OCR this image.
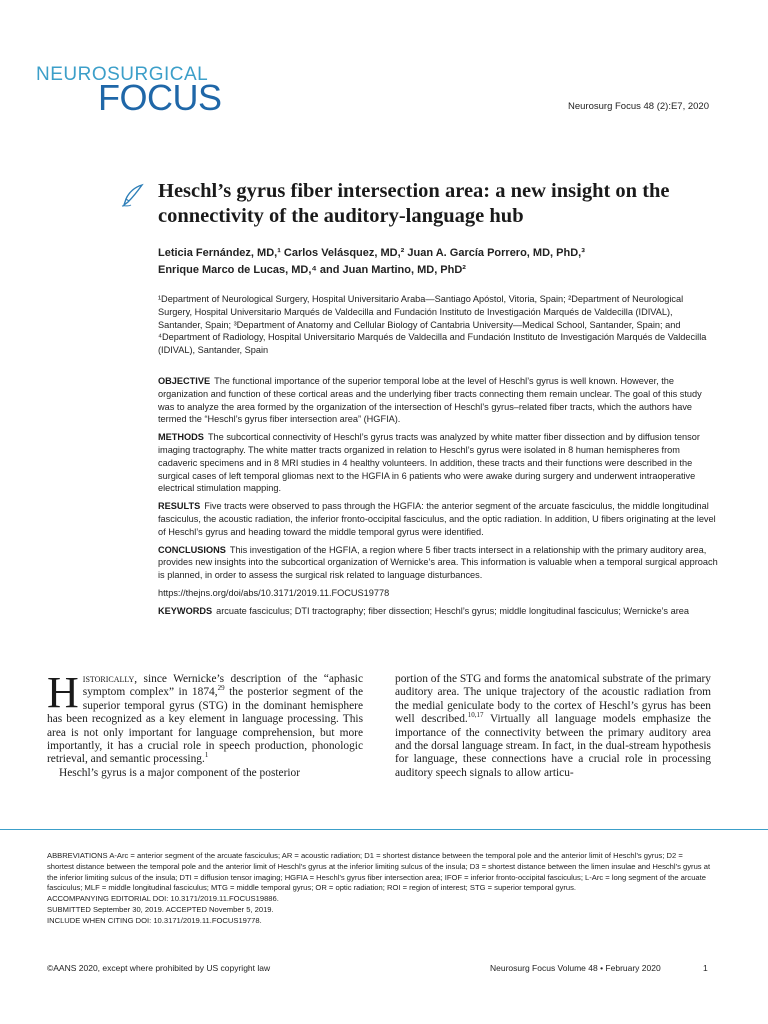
NEUROSURGICAL
FOCUS	Neurosurg Focus 48 (2):E7, 2020
Heschl’s gyrus fiber intersection area: a new insight on the connectivity of the auditory-language hub
Leticia Fernández, MD,¹ Carlos Velásquez, MD,² Juan A. García Porrero, MD, PhD,³
Enrique Marco de Lucas, MD,⁴ and Juan Martino, MD, PhD²
¹Department of Neurological Surgery, Hospital Universitario Araba—Santiago Apóstol, Vitoria, Spain; ²Department of Neurological Surgery, Hospital Universitario Marqués de Valdecilla and Fundación Instituto de Investigación Marqués de Valdecilla (IDIVAL), Santander, Spain; ³Department of Anatomy and Cellular Biology of Cantabria University—Medical School, Santander, Spain; and ⁴Department of Radiology, Hospital Universitario Marqués de Valdecilla and Fundación Instituto de Investigación Marqués de Valdecilla (IDIVAL), Santander, Spain

OBJECTIVE The functional importance of the superior temporal lobe at the level of Heschl’s gyrus is well known. However, the organization and function of these cortical areas and the underlying fiber tracts connecting them remain unclear. The goal of this study was to analyze the area formed by the organization of the intersection of Heschl’s gyrus–related fiber tracts, which the authors have termed the “Heschl’s gyrus fiber intersection area” (HGFIA).

METHODS The subcortical connectivity of Heschl’s gyrus tracts was analyzed by white matter fiber dissection and by diffusion tensor imaging tractography. The white matter tracts organized in relation to Heschl’s gyrus were isolated in 8 human hemispheres from cadaveric specimens and in 8 MRI studies in 4 healthy volunteers. In addition, these tracts and their functions were described in the surgical cases of left temporal gliomas next to the HGFIA in 6 patients who were awake during surgery and underwent intraoperative electrical stimulation mapping.

RESULTS Five tracts were observed to pass through the HGFIA: the anterior segment of the arcuate fasciculus, the middle longitudinal fasciculus, the acoustic radiation, the inferior fronto-occipital fasciculus, and the optic radiation. In addition, U fibers originating at the level of Heschl’s gyrus and heading toward the middle temporal gyrus were identified.

CONCLUSIONS This investigation of the HGFIA, a region where 5 fiber tracts intersect in a relationship with the primary auditory area, provides new insights into the subcortical organization of Wernicke’s area. This information is valuable when a temporal surgical approach is planned, in order to assess the surgical risk related to language disturbances.

https://thejns.org/doi/abs/10.3171/2019.11.FOCUS19778

KEYWORDS arcuate fasciculus; DTI tractography; fiber dissection; Heschl’s gyrus; middle longitudinal fasciculus; Wernicke’s area

Historically, since Wernicke’s description of the “aphasic symptom complex” in 1874,29 the posterior segment of the superior temporal gyrus (STG) in the dominant hemisphere has been recognized as a key element in language processing. This area is not only important for language comprehension, but more importantly, it has a crucial role in speech production, phonologic retrieval, and semantic processing.$^1$

Heschl’s gyrus is a major component of the posterior

portion of the STG and forms the anatomical substrate of the primary auditory area. The unique trajectory of the acoustic radiation from the medial geniculate body to the cortex of Heschl’s gyrus has been well described.$^{10,17}$ Virtually all language models emphasize the importance of the connectivity between the primary auditory area and the dorsal language stream. In fact, in the dual-stream hypothesis for language, these connections have a crucial role in processing auditory speech signals to allow articu-

ABBREVIATIONS A-Arc = anterior segment of the arcuate fasciculus; AR = acoustic radiation; D1 = shortest distance between the temporal pole and the anterior limit of Heschl’s gyrus; D2 = shortest distance between the temporal pole and the anterior limit of Heschl’s gyrus at the inferior limiting sulcus of the insula; D3 = shortest distance between the limen insulae and Heschl’s gyrus at the inferior limiting sulcus of the insula; DTI = diffusion tensor imaging; HGFIA = Heschl’s gyrus fiber intersection area; IFOF = inferior fronto-occipital fasciculus; L-Arc = long segment of the arcuate fasciculus; MLF = middle longitudinal fasciculus; MTG = middle temporal gyrus; OR = optic radiation; ROI = region of interest; STG = superior temporal gyrus.

ACCOMPANYING EDITORIAL DOI: 10.3171/2019.11.FOCUS19886.

SUBMITTED September 30, 2019. ACCEPTED November 5, 2019.

INCLUDE WHEN CITING DOI: 10.3171/2019.11.FOCUS19778.

©AANS 2020, except where prohibited by US copyright law	Neurosurg Focus Volume 48 • February 2020	1
